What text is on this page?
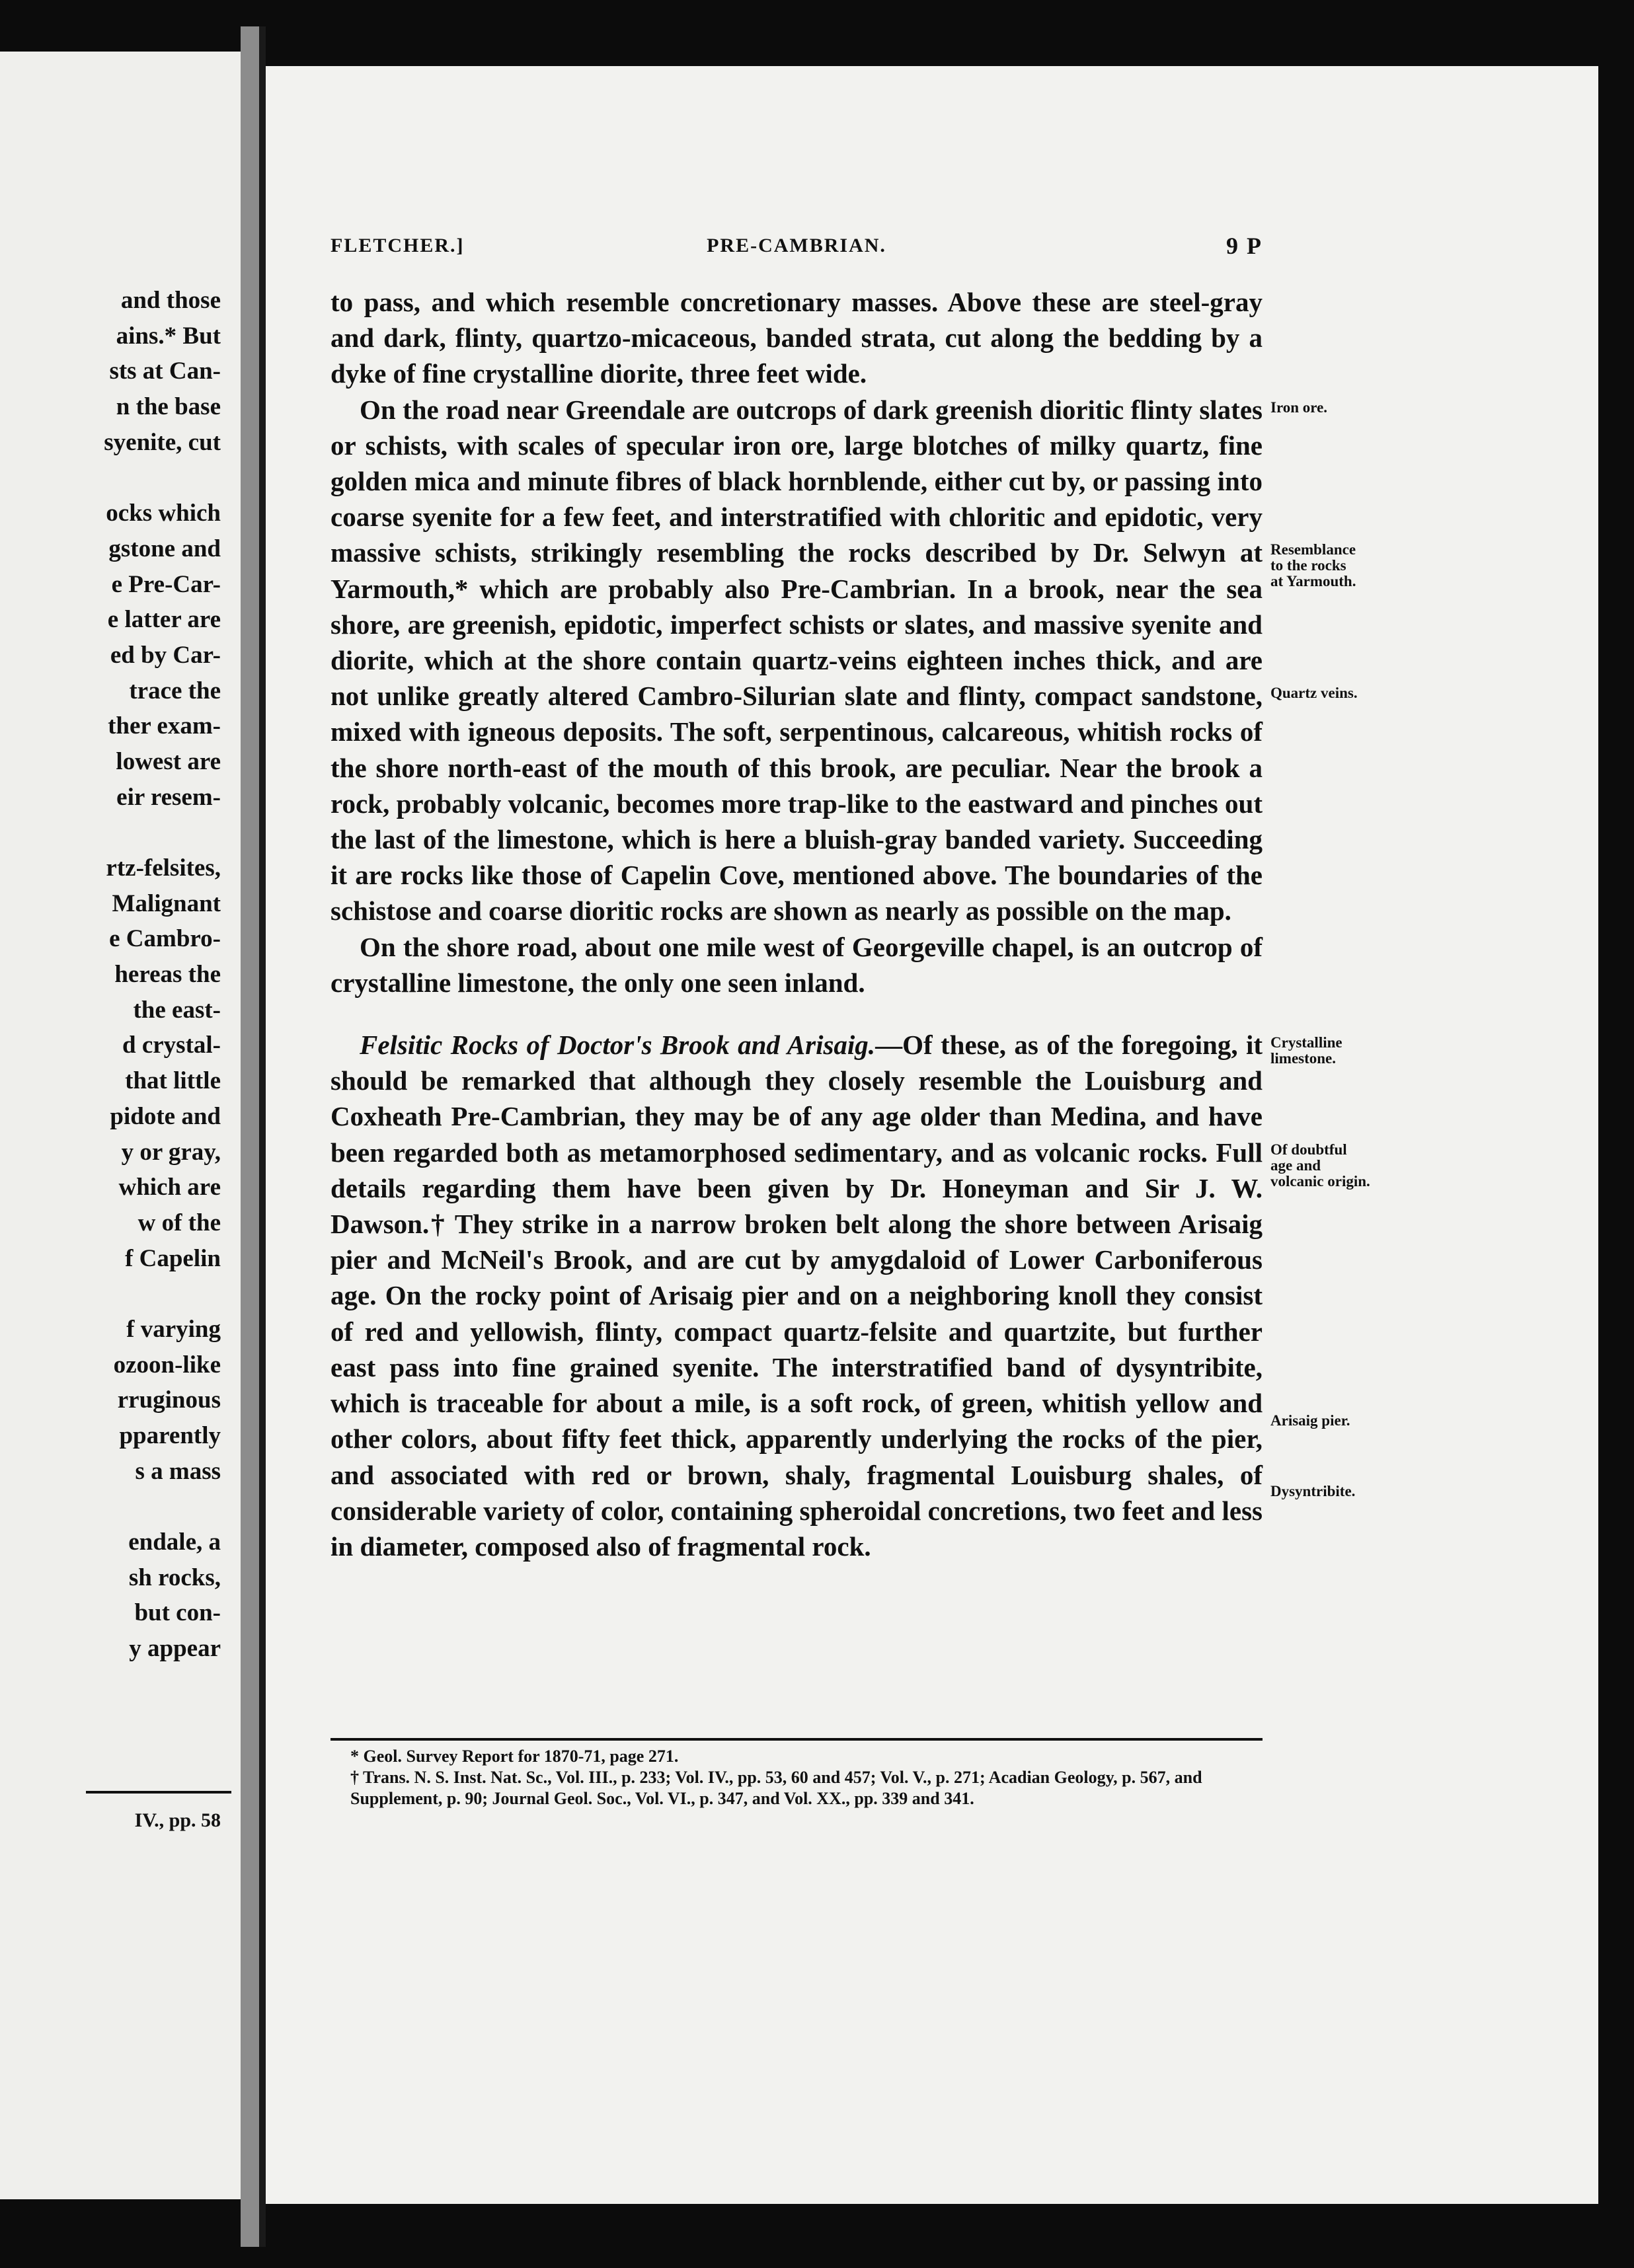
and those
ains.* But
sts at Can-
n the base
syenite, cut
ocks which
gstone and
e Pre-Car-
e latter are
ed by Car-
trace the
ther exam-
lowest are
eir resem-
rtz-felsites,
Malignant
e Cambro-
hereas the
the east-
d crystal-
that little
pidote and
y or gray,
which are
w of the
f Capelin
f varying
ozoon-like
rruginous
pparently
s a mass
endale, a
sh rocks,
but con-
y appear
IV., pp. 58
FLETCHER.]	PRE-CAMBRIAN.	9 P

to pass, and which resemble concretionary masses. Above these are steel-gray and dark, flinty, quartzo-micaceous, banded strata, cut along the bedding by a dyke of fine crystalline diorite, three feet wide.

On the road near Greendale are outcrops of dark greenish dioritic flinty slates or schists, with scales of specular iron ore, large blotches of milky quartz, fine golden mica and minute fibres of black hornblende, either cut by, or passing into coarse syenite for a few feet, and interstratified with chloritic and epidotic, very massive schists, strikingly resembling the rocks described by Dr. Selwyn at Yarmouth,* which are probably also Pre-Cambrian. In a brook, near the sea shore, are greenish, epidotic, imperfect schists or slates, and massive syenite and diorite, which at the shore contain quartz-veins eighteen inches thick, and are not unlike greatly altered Cambro-Silurian slate and flinty, compact sandstone, mixed with igneous deposits. The soft, serpentinous, calcareous, whitish rocks of the shore north-east of the mouth of this brook, are peculiar. Near the brook a rock, probably volcanic, becomes more trap-like to the eastward and pinches out the last of the limestone, which is here a bluish-gray banded variety. Succeeding it are rocks like those of Capelin Cove, mentioned above. The boundaries of the schistose and coarse dioritic rocks are shown as nearly as possible on the map.

On the shore road, about one mile west of Georgeville chapel, is an outcrop of crystalline limestone, the only one seen inland.

Felsitic Rocks of Doctor's Brook and Arisaig.—Of these, as of the foregoing, it should be remarked that although they closely resemble the Louisburg and Coxheath Pre-Cambrian, they may be of any age older than Medina, and have been regarded both as metamorphosed sedimentary, and as volcanic rocks. Full details regarding them have been given by Dr. Honeyman and Sir J. W. Dawson.† They strike in a narrow broken belt along the shore between Arisaig pier and McNeil's Brook, and are cut by amygdaloid of Lower Carboniferous age. On the rocky point of Arisaig pier and on a neighboring knoll they consist of red and yellowish, flinty, compact quartz-felsite and quartzite, but further east pass into fine grained syenite. The interstratified band of dysyntribite, which is traceable for about a mile, is a soft rock, of green, whitish yellow and other colors, about fifty feet thick, apparently underlying the rocks of the pier, and associated with red or brown, shaly, fragmental Louisburg shales, of considerable variety of color, containing spheroidal concretions, two feet and less in diameter, composed also of fragmental rock.

Iron ore.
Resemblance
to the rocks
at Yarmouth.
Quartz veins.
Crystalline
limestone.
Of doubtful
age and
volcanic origin.
Arisaig pier.
Dysyntribite.

* Geol. Survey Report for 1870-71, page 271.

† Trans. N. S. Inst. Nat. Sc., Vol. III., p. 233; Vol. IV., pp. 53, 60 and 457; Vol. V., p. 271; Acadian Geology, p. 567, and Supplement, p. 90; Journal Geol. Soc., Vol. VI., p. 347, and Vol. XX., pp. 339 and 341.
